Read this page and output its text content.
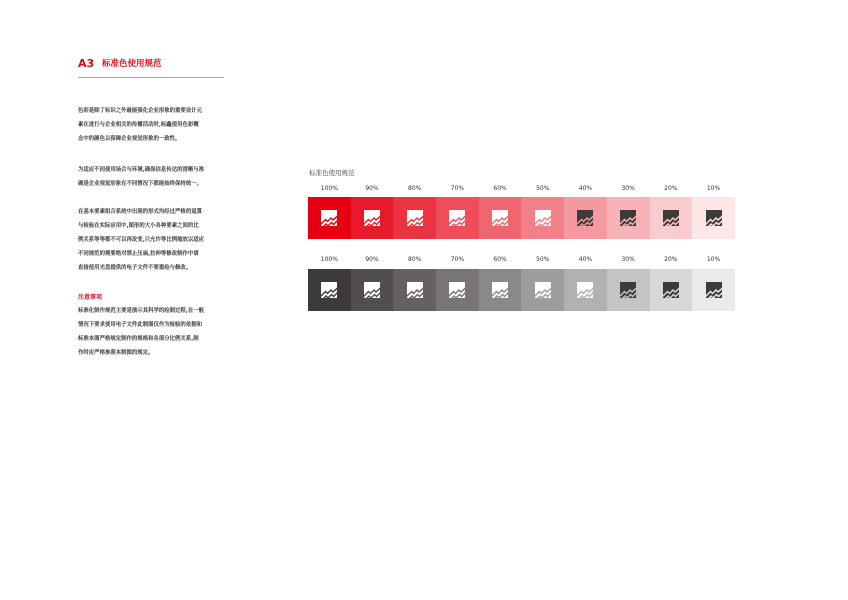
A3 标准色使用规范
色彩是除了标识之外最能强化企业形象的重要设计元
素在进行与企业相关的传播活动时,标鑫使用色彩概
念中的颜色以保障企业视觉形象的一致性。
为适应不同使用场合与环境,确保信息传达的清晰与准
确是企业视觉形象在不同情况下都能始终保持统一。
在基本要素组合系统中出现的形式均经过严格的退算
与检验在实际应用中,图形的大小各种要素之间的比
例关系等等都不可以再改变,只允许等比例缩放以适应
不同规范的需要绝对禁止压扁,拉伸等修改制作中请
直接使用光盘提供的电子文件不要重绘与修改。
注意事项
标准化制作规范主要是演示其科学的绘制过程,在一般
情况下要求使用电子文件此制图仅作为检验的依据和
标准本图严格规定制作的规格和各部分比例关系,制
作时应严格参照本制图的规定。
标准色使用规范
100%	90%	80%	70%	60%	50%	40%	30%	20%	10%
100%	90%	80%	70%	60%	50%	40%	30%	20%	10%
